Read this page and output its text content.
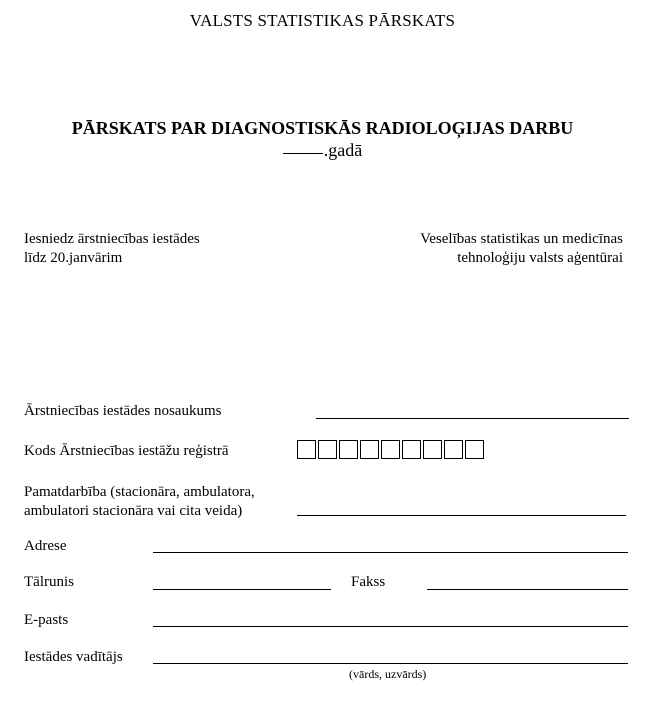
VALSTS STATISTIKAS PĀRSKATS
PĀRSKATS PAR DIAGNOSTISKĀS RADIOLOĢIJAS DARBU
.gadā
Iesniedz ārstniecības iestādes
līdz 20.janvārim
Veselības statistikas un medicīnas
tehnoloģiju valsts aģentūrai
Ārstniecības iestādes nosaukums
Kods Ārstniecības iestāžu reģistrā
Pamatdarbība (stacionāra, ambulatora,
ambulatori stacionāra vai cita veida)
Adrese
Tālrunis	Fakss
E-pasts
Iestādes vadītājs
(vārds, uzvārds)
